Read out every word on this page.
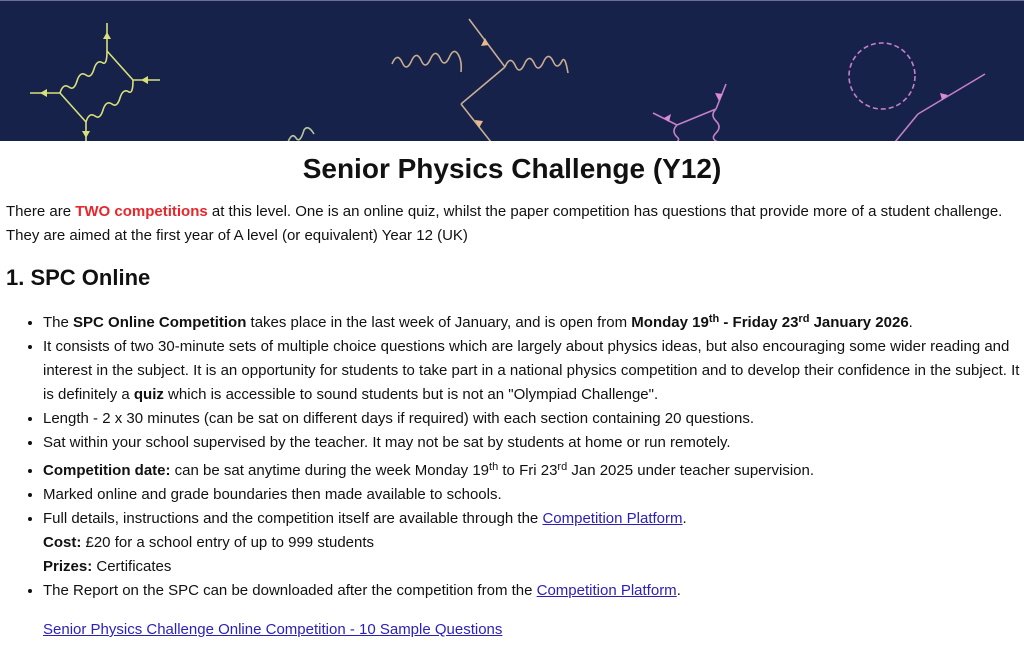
Senior Physics Challenge (Y12)
There are TWO competitions at this level. One is an online quiz, whilst the paper competition has questions that provide more of a student challenge.
They are aimed at the first year of A level (or equivalent) Year 12 (UK)
1. SPC Online
• The SPC Online Competition takes place in the last week of January, and is open from Monday 19th - Friday 23rd January 2026.
• It consists of two 30-minute sets of multiple choice questions which are largely about physics ideas, but also encouraging some wider reading and interest in the subject. It is an opportunity for students to take part in a national physics competition and to develop their confidence in the subject. It is definitely a quiz which is accessible to sound students but is not an "Olympiad Challenge".
• Length - 2 x 30 minutes (can be sat on different days if required) with each section containing 20 questions.
• Sat within your school supervised by the teacher. It may not be sat by students at home or run remotely.
• Competition date: can be sat anytime during the week Monday 19th to Fri 23rd Jan 2025 under teacher supervision.
• Marked online and grade boundaries then made available to schools.
• Full details, instructions and the competition itself are available through the Competition Platform.
Cost: £20 for a school entry of up to 999 students
Prizes: Certificates
• The Report on the SPC can be downloaded after the competition from the Competition Platform.
Senior Physics Challenge Online Competition - 10 Sample Questions
